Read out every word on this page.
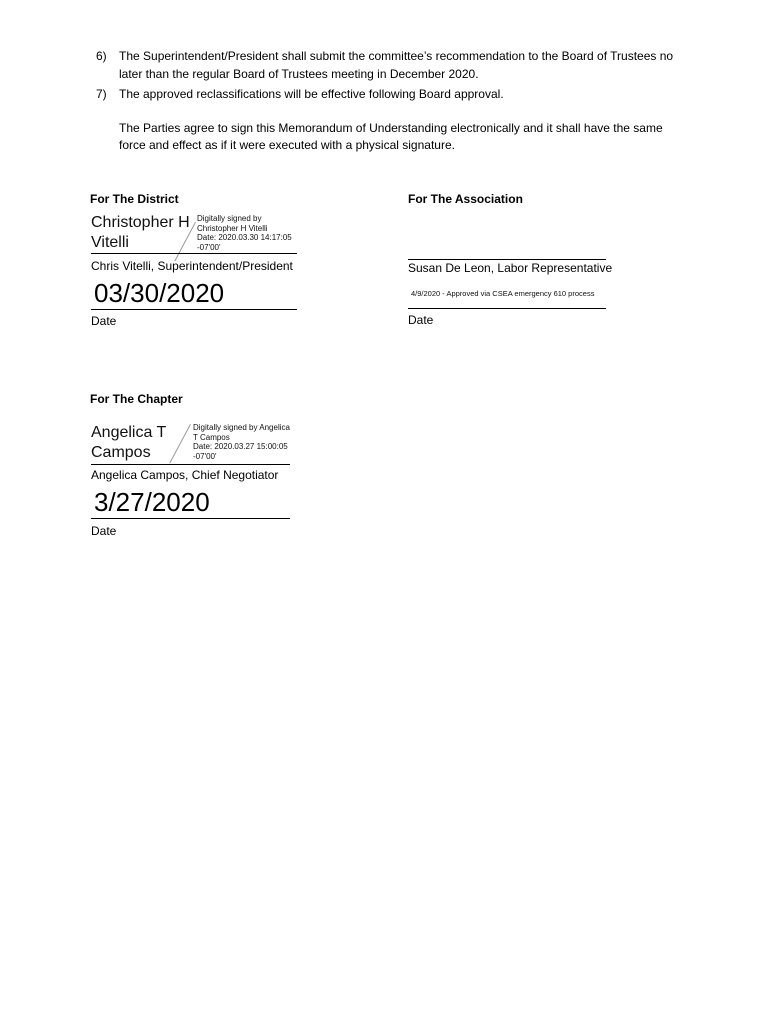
6) The Superintendent/President shall submit the committee’s recommendation to the Board of Trustees no
later than the regular Board of Trustees meeting in December 2020.
7) The approved reclassifications will be effective following Board approval.
The Parties agree to sign this Memorandum of Understanding electronically and it shall have the same
force and effect as if it were executed with a physical signature.
For The District
Christopher H
Vitelli
Digitally signed by
Christopher H Vitelli
Date: 2020.03.30 14:17:05
-07'00'
Chris Vitelli, Superintendent/President
03/30/2020
Date
For The Association
Susan De Leon, Labor Representative
4/9/2020 - Approved via CSEA emergency 610 process
Date
For The Chapter
Angelica T
Campos
Digitally signed by Angelica
T Campos
Date: 2020.03.27 15:00:05
-07'00'
Angelica Campos, Chief Negotiator
3/27/2020
Date
